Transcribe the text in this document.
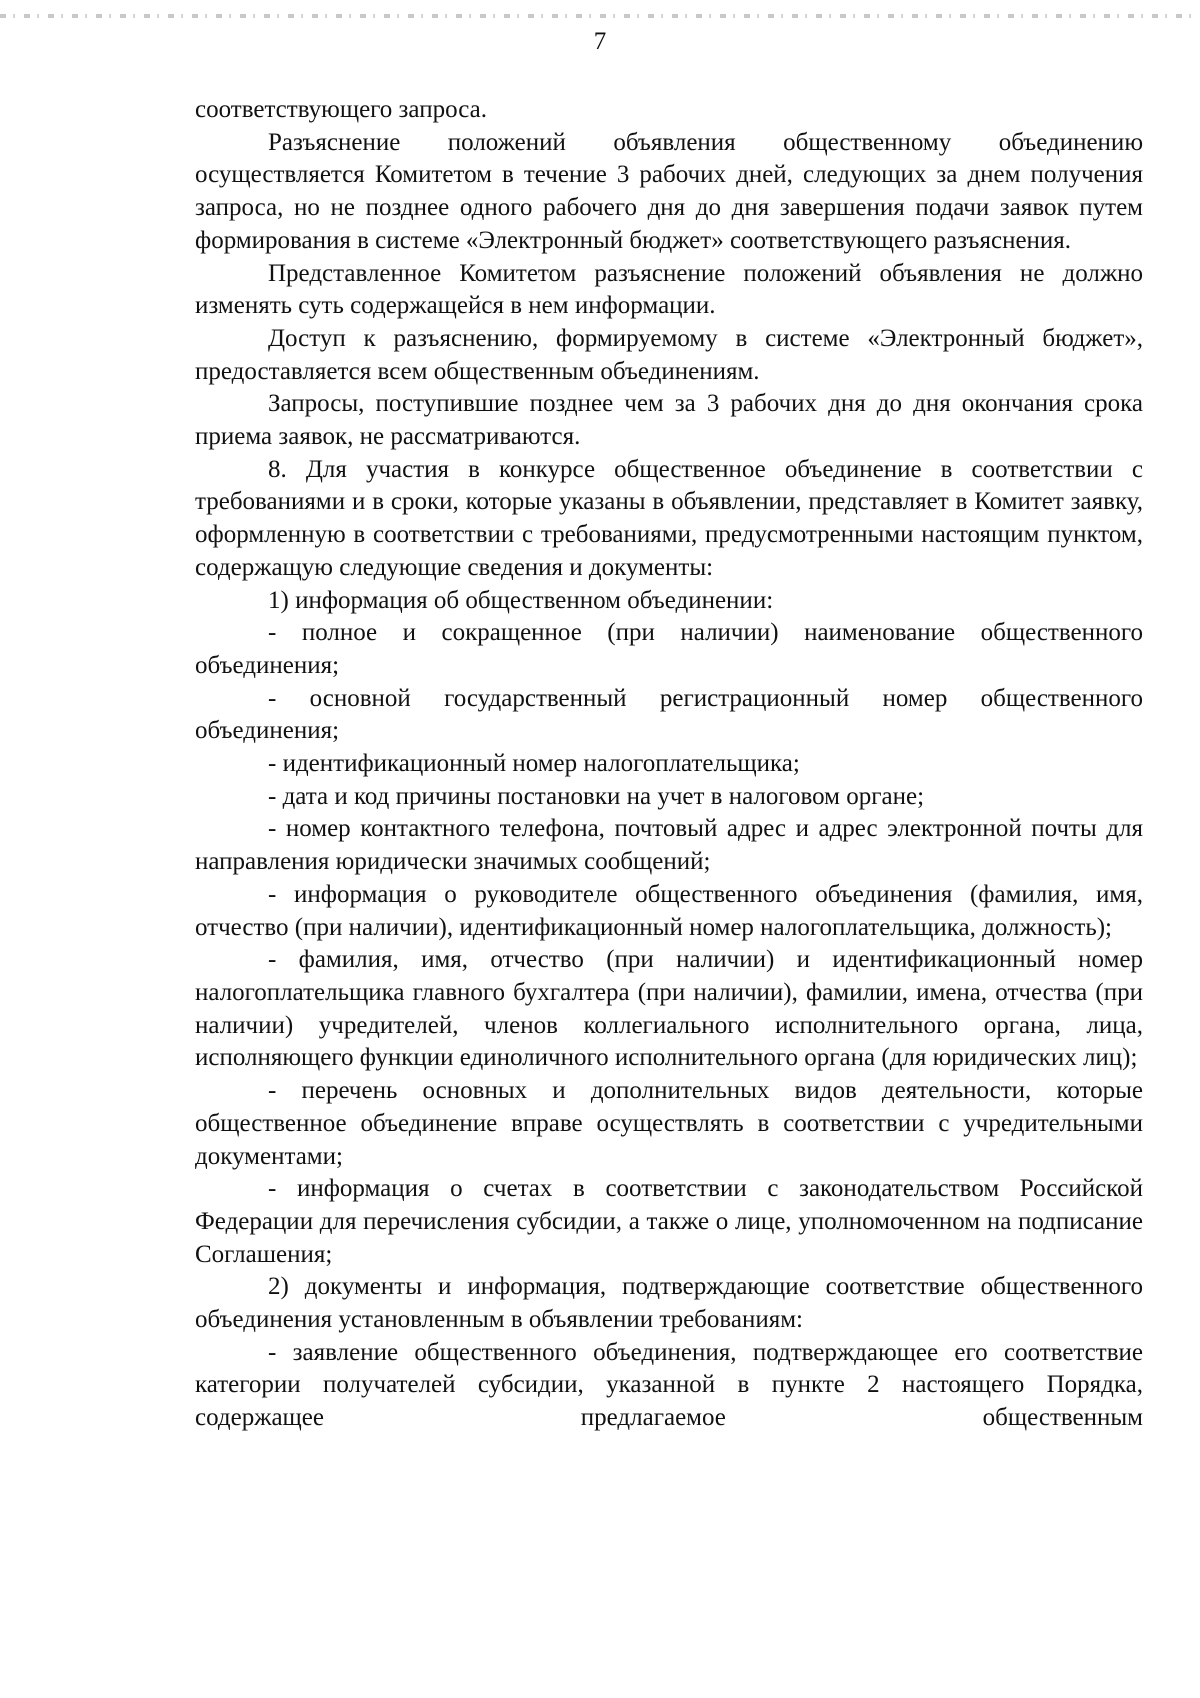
7

соответствующего запроса.

Разъяснение положений объявления общественному объединению осуществляется Комитетом в течение 3 рабочих дней, следующих за днем получения запроса, но не позднее одного рабочего дня до дня завершения подачи заявок путем формирования в системе «Электронный бюджет» соответствующего разъяснения.

Представленное Комитетом разъяснение положений объявления не должно изменять суть содержащейся в нем информации.

Доступ к разъяснению, формируемому в системе «Электронный бюджет», предоставляется всем общественным объединениям.

Запросы, поступившие позднее чем за 3 рабочих дня до дня окончания срока приема заявок, не рассматриваются.

8. Для участия в конкурсе общественное объединение в соответствии с требованиями и в сроки, которые указаны в объявлении, представляет в Комитет заявку, оформленную в соответствии с требованиями, предусмотренными настоящим пунктом, содержащую следующие сведения и документы:

1) информация об общественном объединении:

- полное и сокращенное (при наличии) наименование общественного объединения;

- основной государственный регистрационный номер общественного объединения;

- идентификационный номер налогоплательщика;

- дата и код причины постановки на учет в налоговом органе;

- номер контактного телефона, почтовый адрес и адрес электронной почты для направления юридически значимых сообщений;

- информация о руководителе общественного объединения (фамилия, имя, отчество (при наличии), идентификационный номер налогоплательщика, должность);

- фамилия, имя, отчество (при наличии) и идентификационный номер налогоплательщика главного бухгалтера (при наличии), фамилии, имена, отчества (при наличии) учредителей, членов коллегиального исполнительного органа, лица, исполняющего функции единоличного исполнительного органа (для юридических лиц);

- перечень основных и дополнительных видов деятельности, которые общественное объединение вправе осуществлять в соответствии с учредительными документами;

- информация о счетах в соответствии с законодательством Российской Федерации для перечисления субсидии, а также о лице, уполномоченном на подписание Соглашения;

2) документы и информация, подтверждающие соответствие общественного объединения установленным в объявлении требованиям:

- заявление общественного объединения, подтверждающее его соответствие категории получателей субсидии, указанной в пункте 2 настоящего Порядка, содержащее предлагаемое общественным
